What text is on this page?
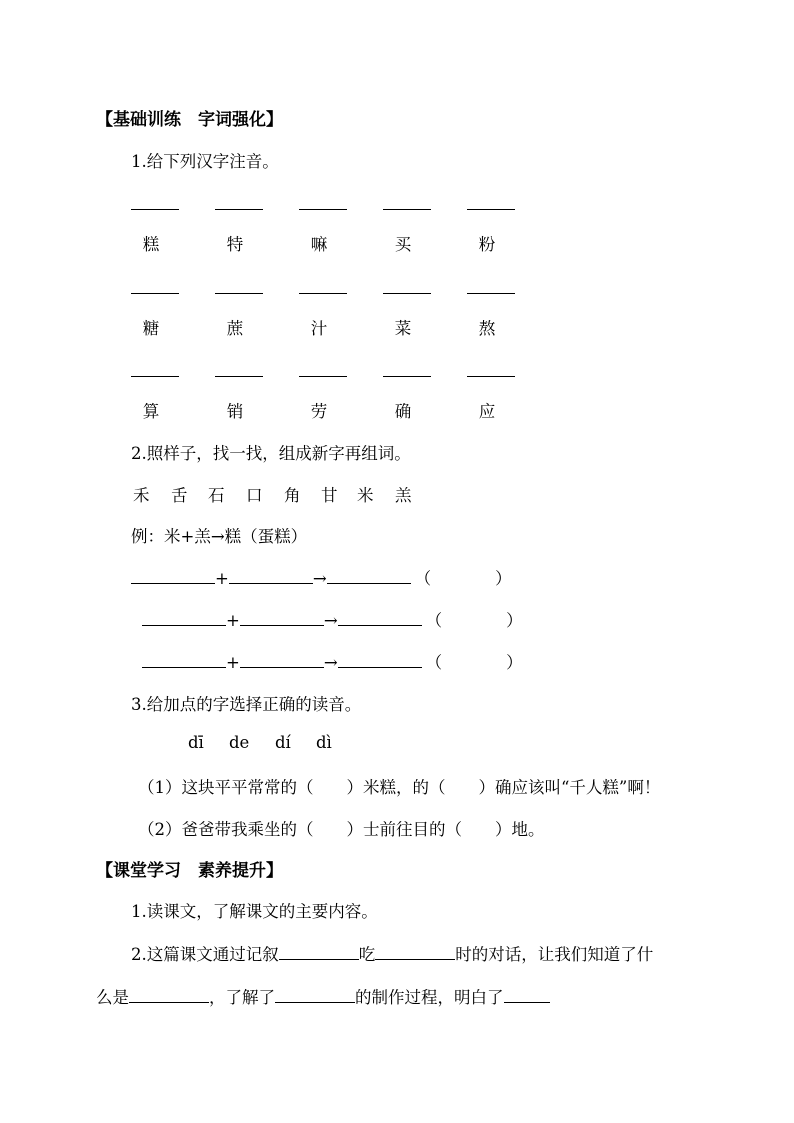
【基础训练　字词强化】
1.给下列汉字注音。
糕	特	嘛	买	粉
糖	蔗	汁	菜	熬
算	销	劳	确	应
2.照样子，找一找，组成新字再组词。
禾 舌 石 口 角 甘 米 羔
例：米+羔→糕（蛋糕）
+	→	（	）
+	→	（	）
+	→	（	）
3.给加点的字选择正确的读音。
dī de dí dì
（1）这块平平常常的（　　）米糕，的（　　）确应该叫“千人糕”啊！
（2）爸爸带我乘坐的（　　）士前往目的（　　）地。
【课堂学习　素养提升】
1.读课文，了解课文的主要内容。
2.这篇课文通过记叙	吃	时的对话，让我们知道了什
么是	，了解了	的制作过程，明白了
